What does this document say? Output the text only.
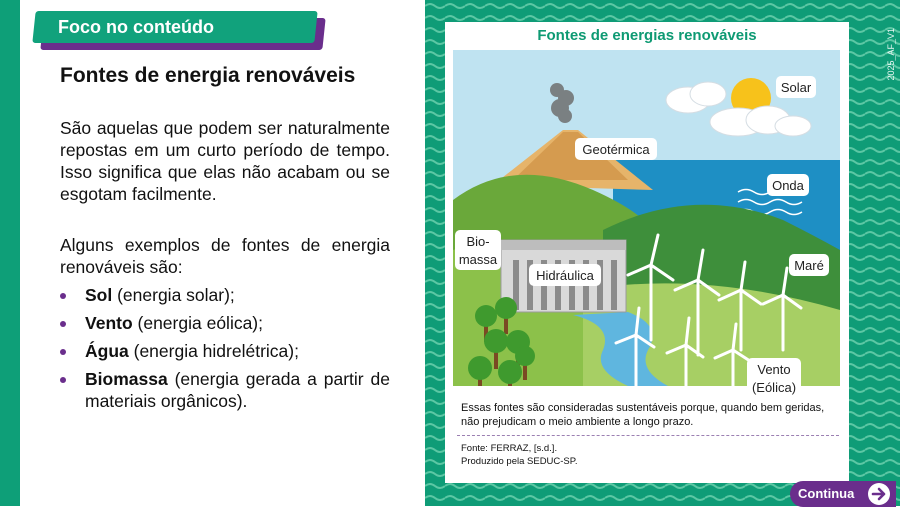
Foco no conteúdo
Fontes de energia renováveis

São aquelas que podem ser naturalmente repostas em um curto período de tempo. Isso significa que elas não acabam ou se esgotam facilmente.

Alguns exemplos de fontes de energia renováveis são:

Sol (energia solar);
Vento (energia eólica);
Água (energia hidrelétrica);
Biomassa (energia gerada a partir de materiais orgânicos).
2025_AF_V1
Fontes de energias renováveis
Solar
Geotérmica
Onda
Maré
Bio-
massa
Hidráulica
Vento
(Eólica)
Essas fontes são consideradas sustentáveis porque, quando bem geridas, não prejudicam o meio ambiente a longo prazo.
Fonte: FERRAZ, [s.d.].
Produzido pela SEDUC-SP.
Continua
